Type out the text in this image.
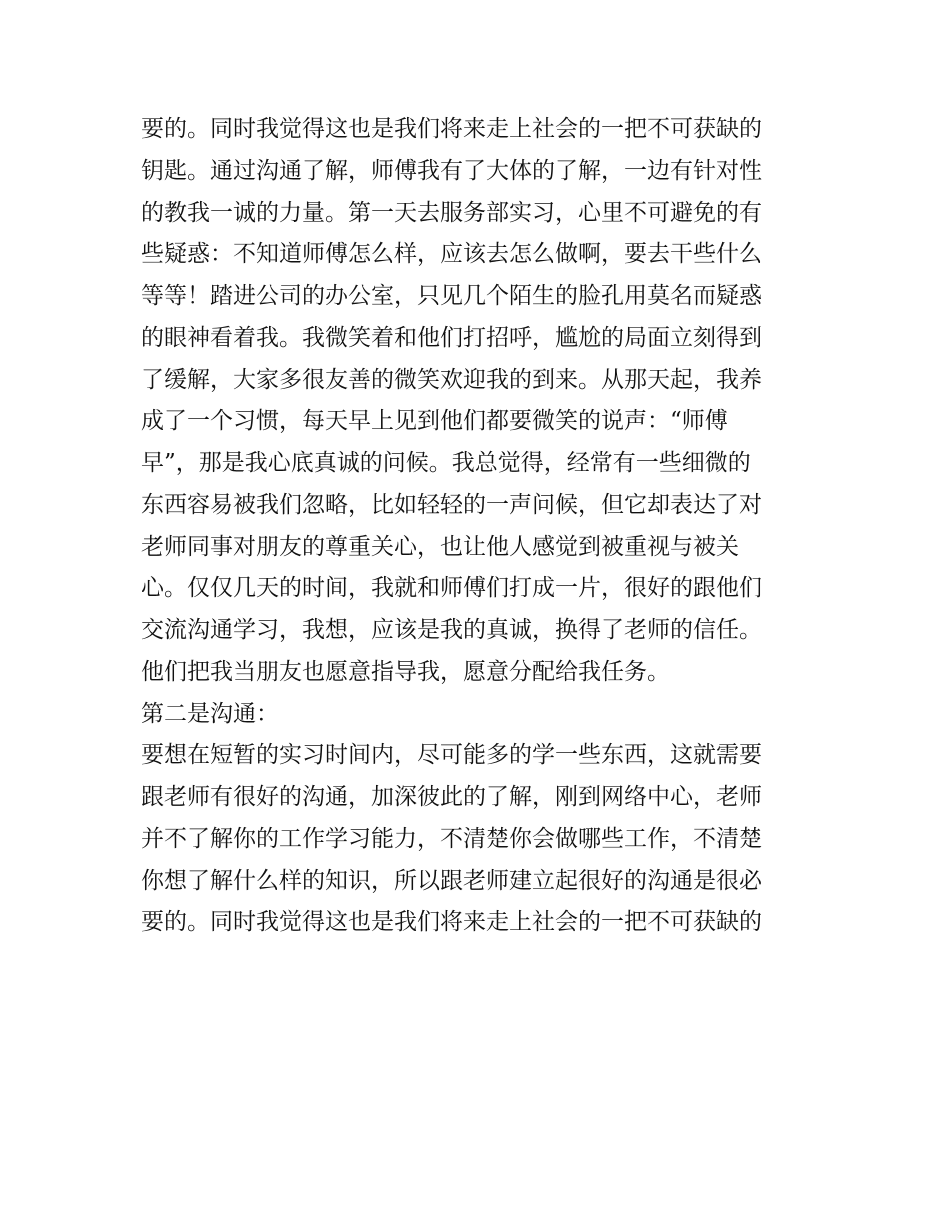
要的。同时我觉得这也是我们将来走上社会的一把不可获缺的
钥匙。通过沟通了解，师傅我有了大体的了解，一边有针对性
的教我一诚的力量。第一天去服务部实习，心里不可避免的有
些疑惑：不知道师傅怎么样，应该去怎么做啊，要去干些什么
等等！踏进公司的办公室，只见几个陌生的脸孔用莫名而疑惑
的眼神看着我。我微笑着和他们打招呼，尴尬的局面立刻得到
了缓解，大家多很友善的微笑欢迎我的到来。从那天起，我养
成了一个习惯，每天早上见到他们都要微笑的说声：“师傅
早”，那是我心底真诚的问候。我总觉得，经常有一些细微的
东西容易被我们忽略，比如轻轻的一声问候，但它却表达了对
老师同事对朋友的尊重关心，也让他人感觉到被重视与被关
心。仅仅几天的时间，我就和师傅们打成一片，很好的跟他们
交流沟通学习，我想，应该是我的真诚，换得了老师的信任。
他们把我当朋友也愿意指导我，愿意分配给我任务。
第二是沟通：
要想在短暂的实习时间内，尽可能多的学一些东西，这就需要
跟老师有很好的沟通，加深彼此的了解，刚到网络中心，老师
并不了解你的工作学习能力，不清楚你会做哪些工作，不清楚
你想了解什么样的知识，所以跟老师建立起很好的沟通是很必
要的。同时我觉得这也是我们将来走上社会的一把不可获缺的
